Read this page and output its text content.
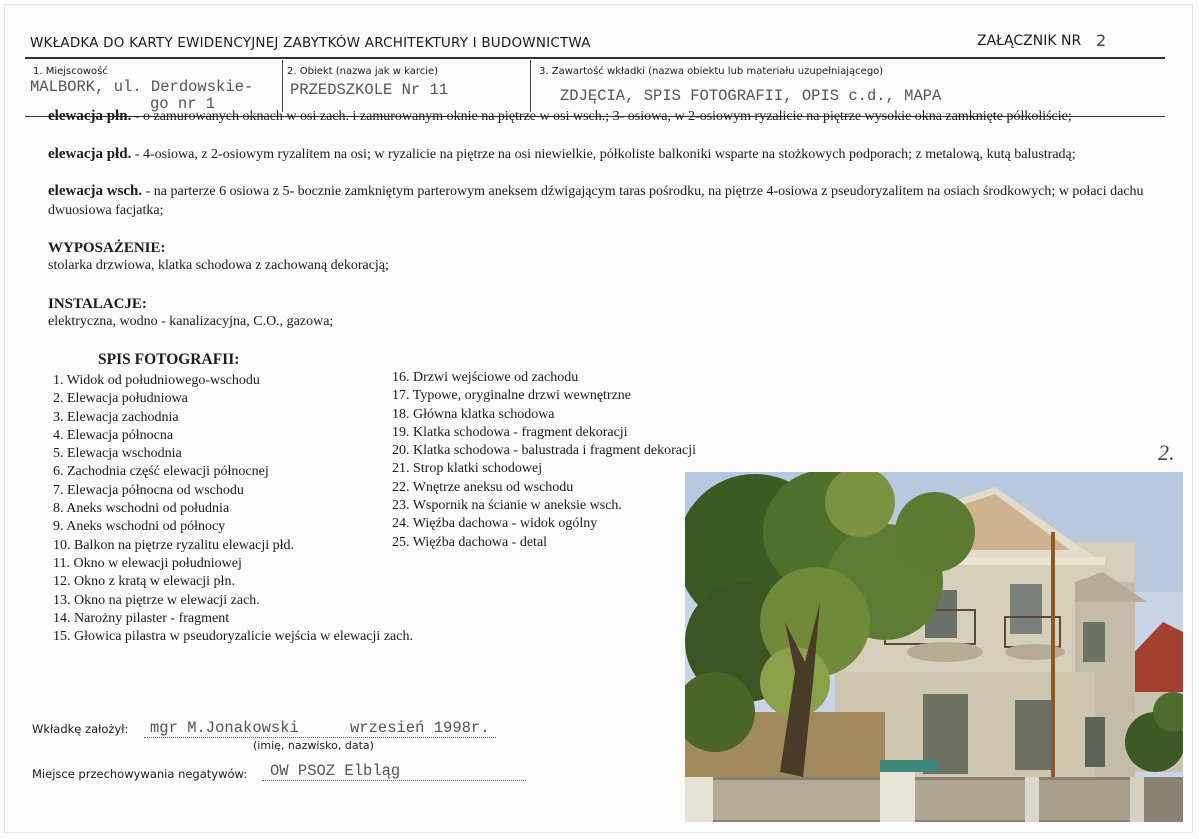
WKŁADKA DO KARTY EWIDENCYJNEJ ZABYTKÓW ARCHITEKTURY I BUDOWNICTWA	ZAŁĄCZNIK NR 2
1. Miejscowość
MALBORK, ul. Derdowskie-
go nr 1
2. Obiekt (nazwa jak w karcie)
PRZEDSZKOLE Nr 11
3. Zawartość wkładki (nazwa obiektu lub materiału uzupełniającego)
ZDJĘCIA, SPIS FOTOGRAFII, OPIS c.d., MAPA
elewacja płn. - o zamurowanych oknach w osi zach. i zamurowanym oknie na piętrze w osi wsch.; 3- osiowa, w 2-osiowym ryzalicie na piętrze wysokie okna zamknięte półkoliście;
elewacja płd. - 4-osiowa, z 2-osiowym ryzalitem na osi; w ryzalicie na piętrze na osi niewielkie, półkoliste balkoniki wsparte na stożkowych podporach; z metalową, kutą balustradą;
elewacja wsch. - na parterze 6 osiowa z 5- bocznie zamkniętym parterowym aneksem dźwigającym taras pośrodku, na piętrze 4-osiowa z pseudoryzalitem na osiach środkowych; w połaci dachu dwuosiowa facjatka;
WYPOSAŻENIE:
stolarka drzwiowa, klatka schodowa z zachowaną dekoracją;
INSTALACJE:
elektryczna, wodno - kanalizacyjna, C.O., gazowa;
SPIS FOTOGRAFII:
1. Widok od południowego-wschodu
2. Elewacja południowa
3. Elewacja zachodnia
4. Elewacja północna
5. Elewacja wschodnia
6. Zachodnia część elewacji północnej
7. Elewacja północna od wschodu
8. Aneks wschodni od południa
9. Aneks wschodni od północy
10. Balkon na piętrze ryzalitu elewacji płd.
11. Okno w elewacji południowej
12. Okno z kratą w elewacji płn.
13. Okno na piętrze w elewacji zach.
14. Narożny pilaster - fragment
15. Głowica pilastra w pseudoryzalicie wejścia w elewacji zach.
16. Drzwi wejściowe od zachodu
17. Typowe, oryginalne drzwi wewnętrzne
18. Główna klatka schodowa
19. Klatka schodowa - fragment dekoracji
20. Klatka schodowa - balustrada i fragment dekoracji
21. Strop klatki schodowej
22. Wnętrze aneksu od wschodu
23. Wspornik na ścianie w aneksie wsch.
24. Więźba dachowa - widok ogólny
25. Więźba dachowa - detal
Wkładkę założył: mgr M.Jonakowski	wrzesień 1998r.
(imię, nazwisko, data)
Miejsce przechowywania negatywów: OW PSOZ Elbląg
2.
